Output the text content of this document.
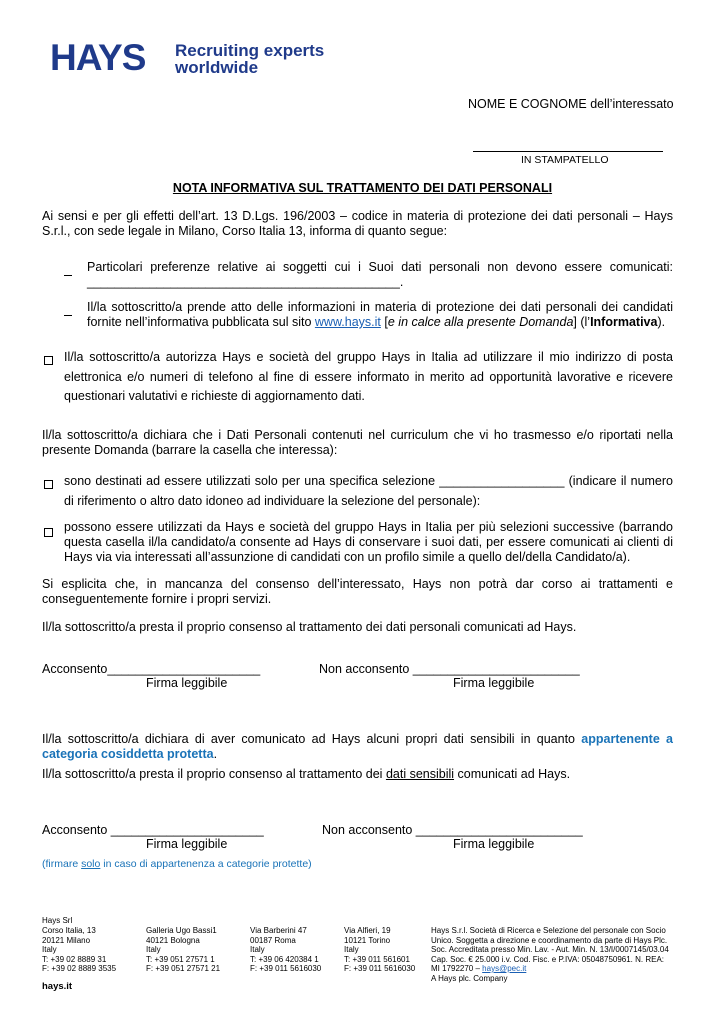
HAYS Recruiting experts
worldwide
NOME E COGNOME dell’interessato
IN STAMPATELLO
NOTA INFORMATIVA SUL TRATTAMENTO DEI DATI PERSONALI
Ai sensi e per gli effetti dell’art. 13 D.Lgs. 196/2003 – codice in materia di protezione dei dati personali – Hays S.r.l., con sede legale in Milano, Corso Italia 13, informa di quanto segue:
Particolari preferenze relative ai soggetti cui i Suoi dati personali non devono essere comunicati: _____________________________________________.
Il/la sottoscritto/a prende atto delle informazioni in materia di protezione dei dati personali dei candidati fornite nell’informativa pubblicata sul sito www.hays.it [e in calce alla presente Domanda] (l’Informativa).
Il/la sottoscritto/a autorizza Hays e società del gruppo Hays in Italia ad utilizzare il mio indirizzo di posta elettronica e/o numeri di telefono al fine di essere informato in merito ad opportunità lavorative e ricevere questionari valutativi e richieste di aggiornamento dati.
Il/la sottoscritto/a dichiara che i Dati Personali contenuti nel curriculum che vi ho trasmesso e/o riportati nella presente Domanda (barrare la casella che interessa):
sono destinati ad essere utilizzati solo per una specifica selezione __________________ (indicare il numero di riferimento o altro dato idoneo ad individuare la selezione del personale):
possono essere utilizzati da Hays e società del gruppo Hays in Italia per più selezioni successive (barrando questa casella il/la candidato/a consente ad Hays di conservare i suoi dati, per essere comunicati ai clienti di Hays via via interessati all’assunzione di candidati con un profilo simile a quello del/della Candidato/a).
Si esplicita che, in mancanza del consenso dell’interessato, Hays non potrà dar corso ai trattamenti e conseguentemente fornire i propri servizi.
Il/la sottoscritto/a presta il proprio consenso al trattamento dei dati personali comunicati ad Hays.
Acconsento______________________
Firma leggibile
Non acconsento ________________________
Firma leggibile
Il/la sottoscritto/a dichiara di aver comunicato ad Hays alcuni propri dati sensibili in quanto appartenente a categoria cosiddetta protetta.
Il/la sottoscritto/a presta il proprio consenso al trattamento dei dati sensibili comunicati ad Hays.
Acconsento ______________________
Firma leggibile
Non acconsento ________________________
Firma leggibile
(firmare solo in caso di appartenenza a categorie protette)
Hays Srl
Corso Italia, 13
20121 Milano
Italy
T: +39 02 8889 31
F: +39 02 8889 3535
Galleria Ugo Bassi1
40121 Bologna
Italy
T: +39 051 27571 1
F: +39 051 27571 21
Via Barberini 47
00187 Roma
Italy
T: +39 06 420384 1
F: +39 011 5616030
Via Alfieri, 19
10121 Torino
Italy
T: +39 011 561601
F: +39 011 5616030
Hays S.r.l. Società di Ricerca e Selezione del personale con Socio
Unico. Soggetta a direzione e coordinamento da parte di Hays Plc.
Soc. Accreditata presso Min. Lav. - Aut. Min. N. 13/I/0007145/03.04
Cap. Soc. € 25.000 i.v. Cod. Fisc. e P.IVA: 05048750961. N. REA:
MI 1792270 – hays@pec.it
A Hays plc. Company
hays.it
